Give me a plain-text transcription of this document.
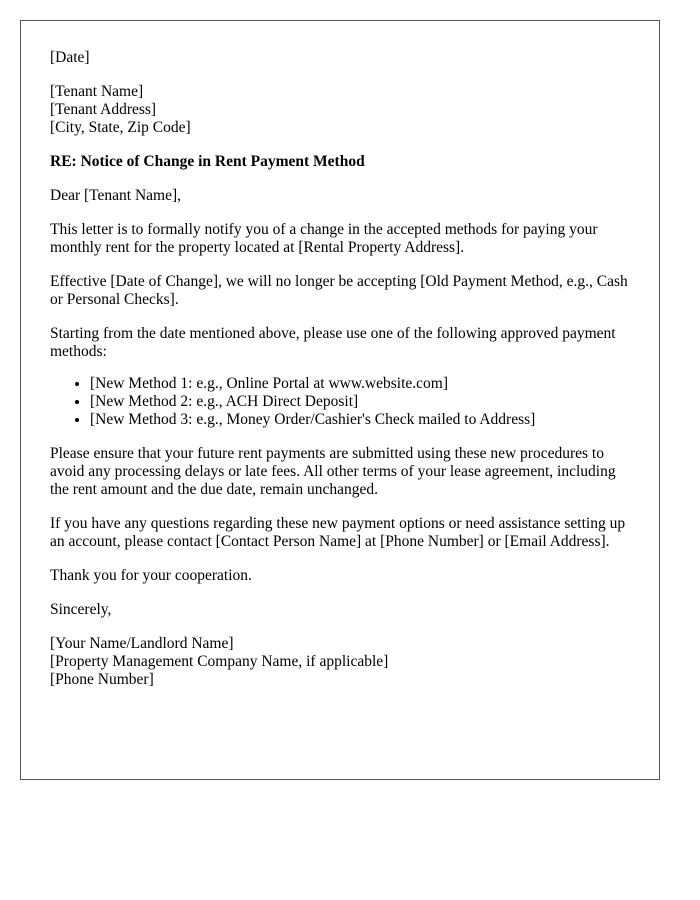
[Date]

[Tenant Name]
[Tenant Address]
[City, State, Zip Code]

RE: Notice of Change in Rent Payment Method

Dear [Tenant Name],

This letter is to formally notify you of a change in the accepted methods for paying your monthly rent for the property located at [Rental Property Address].

Effective [Date of Change], we will no longer be accepting [Old Payment Method, e.g., Cash or Personal Checks].

Starting from the date mentioned above, please use one of the following approved payment methods:

• [New Method 1: e.g., Online Portal at www.website.com]
• [New Method 2: e.g., ACH Direct Deposit]
• [New Method 3: e.g., Money Order/Cashier's Check mailed to Address]

Please ensure that your future rent payments are submitted using these new procedures to avoid any processing delays or late fees. All other terms of your lease agreement, including the rent amount and the due date, remain unchanged.

If you have any questions regarding these new payment options or need assistance setting up an account, please contact [Contact Person Name] at [Phone Number] or [Email Address].

Thank you for your cooperation.

Sincerely,

[Your Name/Landlord Name]
[Property Management Company Name, if applicable]
[Phone Number]
